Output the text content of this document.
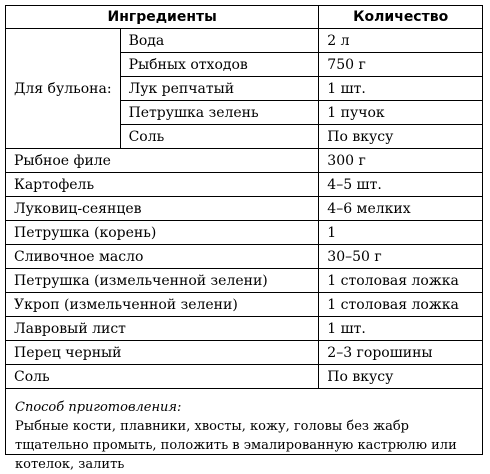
Ингредиенты		Количество
Для бульона:	Вода	2 л
	Рыбных отходов	750 г
	Лук репчатый	1 шт.
	Петрушка зелень	1 пучок
	Соль	По вкусу
Рыбное филе		300 г
Картофель		4–5 шт.
Луковиц-сеянцев		4–6 мелких
Петрушка (корень)		1
Сливочное масло		30–50 г
Петрушка (измельченной зелени)		1 столовая ложка
Укроп (измельченной зелени)		1 столовая ложка
Лавровый лист		1 шт.
Перец черный		2–3 горошины
Соль		По вкусу
Способ приготовления:
Рыбные кости, плавники, хвосты, кожу, головы без жабр тщательно промыть, положить в эмалированную кастрюлю или котелок, залить
